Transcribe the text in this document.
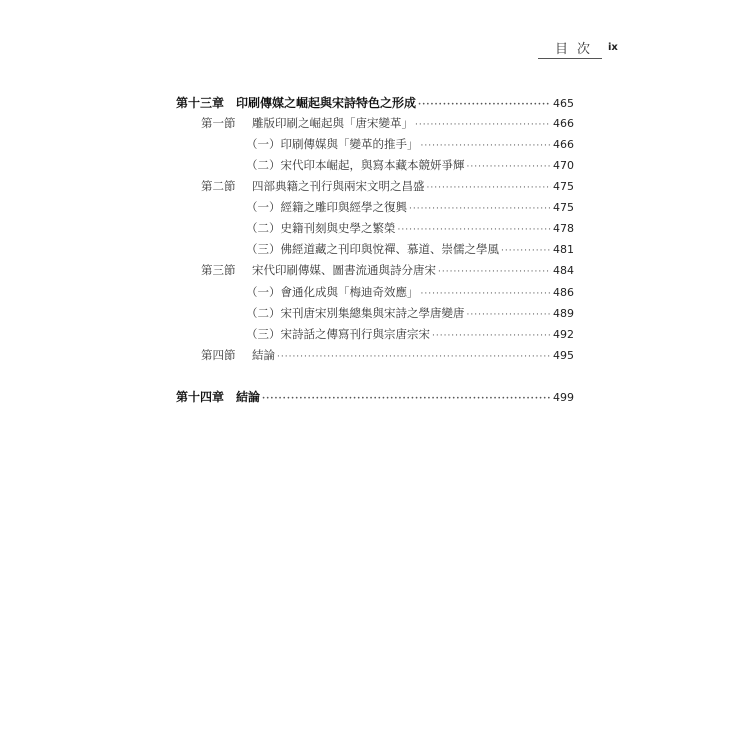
目次 ix
第十三章 印刷傳媒之崛起與宋詩特色之形成 ·····	465
第一節	雕版印刷之崛起與「唐宋變革」 ·····	466
（一）印刷傳媒與「變革的推手」 ·····	466
（二）宋代印本崛起，與寫本藏本競妍爭輝 ·····	470
第二節	四部典籍之刊行與兩宋文明之昌盛 ·····	475
（一）經籍之雕印與經學之復興 ·····	475
（二）史籍刊刻與史學之繁榮 ·····	478
（三）佛經道藏之刊印與悅禪、慕道、崇儒之學風 ·····	481
第三節	宋代印刷傳媒、圖書流通與詩分唐宋 ·····	484
（一）會通化成與「梅迪奇效應」 ·····	486
（二）宋刊唐宋別集總集與宋詩之學唐變唐 ·····	489
（三）宋詩話之傳寫刊行與宗唐宗宋 ·····	492
第四節	結論 ·····	495
第十四章 結論 ·····	499
